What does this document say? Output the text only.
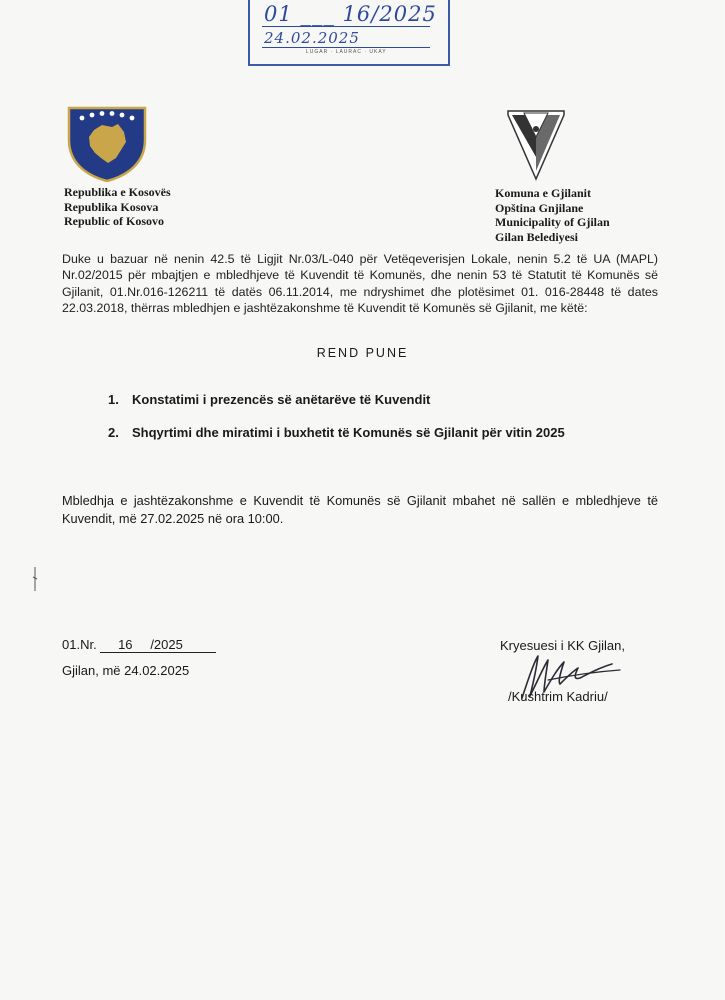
01 ___ 16/2025
24.02.2025
LUGAR · LAURAC · UKAY
Republika e Kosovës
Republika Kosova
Republic of Kosovo
Komuna e Gjilanit
Opština Gnjilane
Municipality of Gjilan
Gilan Belediyesi
Duke u bazuar në nenin 42.5 të Ligjit Nr.03/L-040 për Vetëqeverisjen Lokale, nenin 5.2 të UA (MAPL) Nr.02/2015 për mbajtjen e mbledhjeve të Kuvendit të Komunës, dhe nenin 53 të Statutit të Komunës së Gjilanit, 01.Nr.016-126211 të datës 06.11.2014, me ndryshimet dhe plotësimet 01. 016-28448 të dates 22.03.2018, thërras mbledhjen e jashtëzakonshme të Kuvendit të Komunës së Gjilanit, me këtë:
REND PUNE
1.	Konstatimi i prezencës së anëtarëve të Kuvendit
2.	Shqyrtimi dhe miratimi i buxhetit të Komunës së Gjilanit për vitin 2025
Mbledhja e jashtëzakonshme e Kuvendit të Komunës së Gjilanit mbahet në sallën e mbledhjeve të Kuvendit, më 27.02.2025 në ora 10:00.
01.Nr. 16 /2025
Gjilan, më 24.02.2025
Kryesuesi i KK Gjilan,
/Kushtrim Kadriu/
